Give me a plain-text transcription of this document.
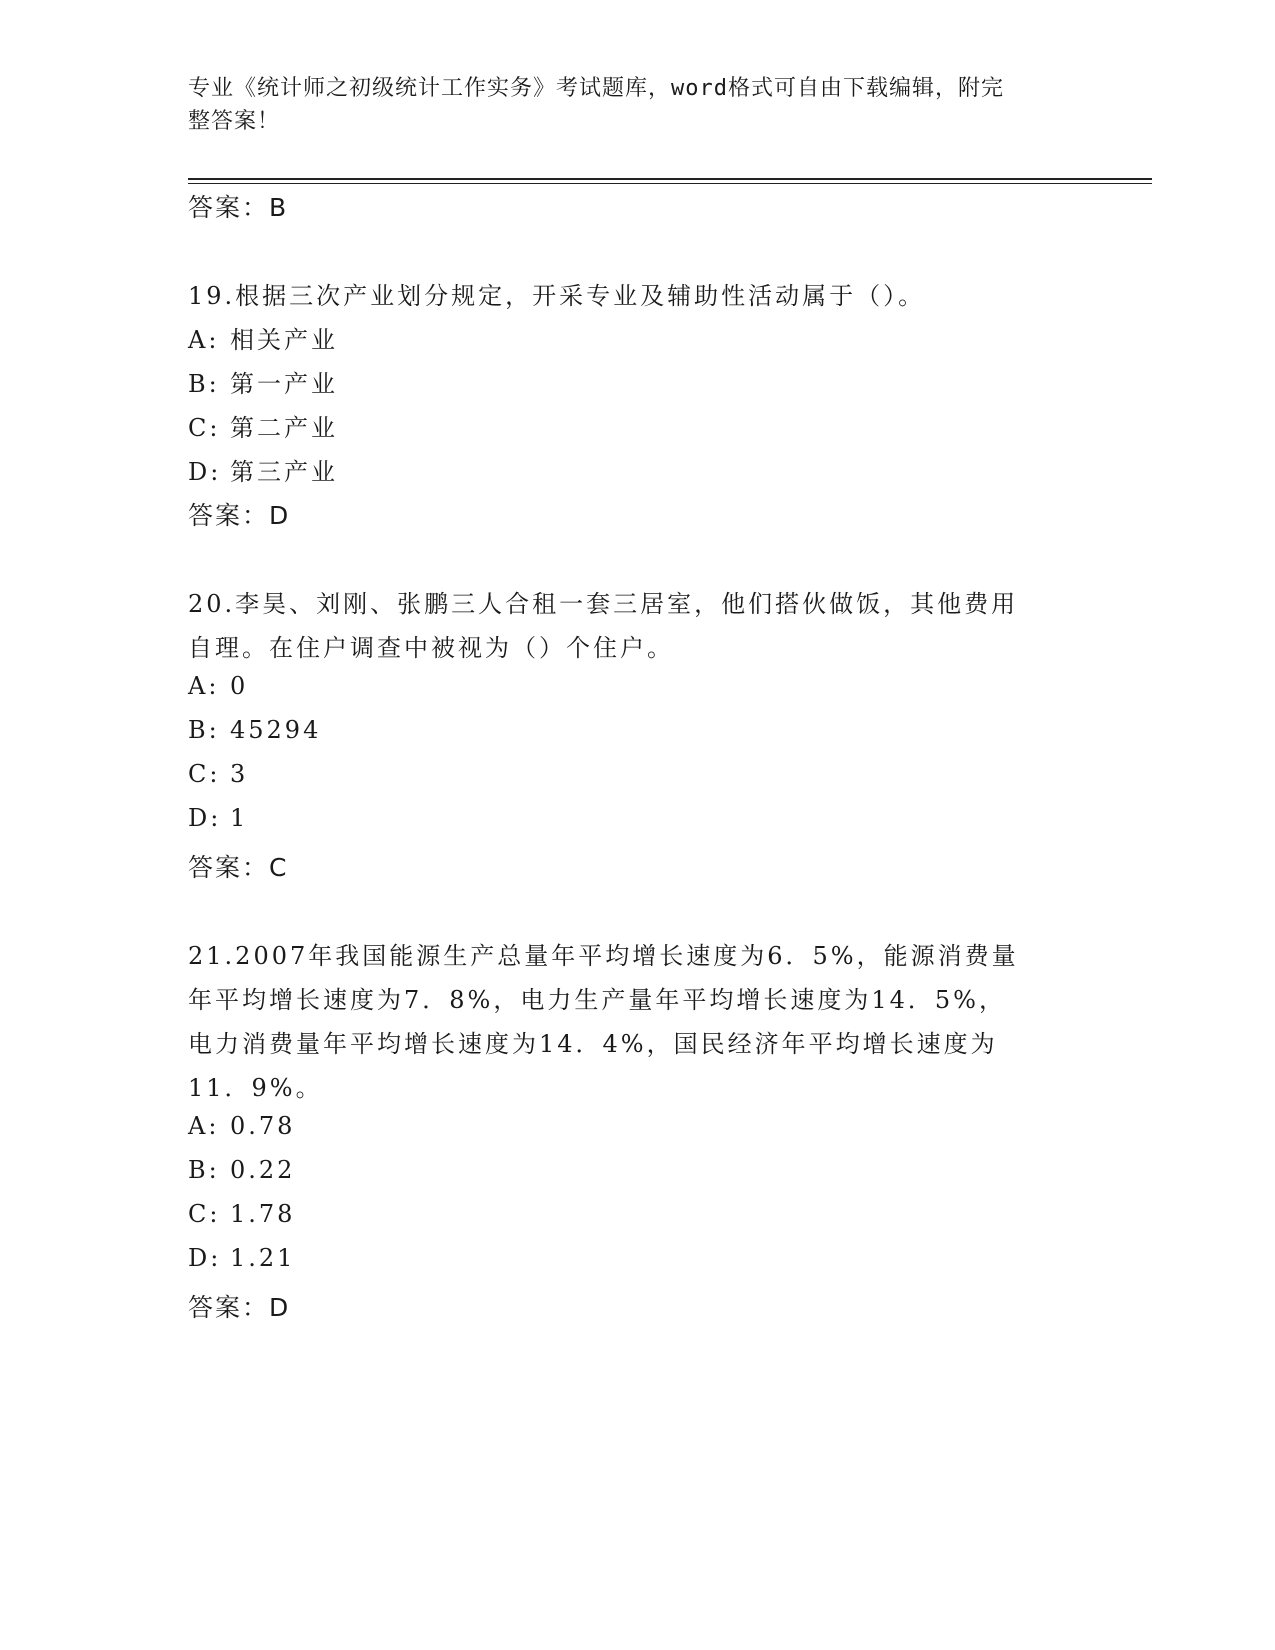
专业《统计师之初级统计工作实务》考试题库，word格式可自由下载编辑，附完
整答案！
答案：B
19.根据三次产业划分规定，开采专业及辅助性活动属于（）。
A: 相关产业
B: 第一产业
C: 第二产业
D: 第三产业
答案：D
20.李昊、刘刚、张鹏三人合租一套三居室，他们搭伙做饭，其他费用
自理。在住户调查中被视为（）个住户。
A: 0
B: 45294
C: 3
D: 1
答案：C
21.2007年我国能源生产总量年平均增长速度为6．5%，能源消费量
年平均增长速度为7．8%，电力生产量年平均增长速度为14．5%，
电力消费量年平均增长速度为14．4%，国民经济年平均增长速度为
11．9%。
A: 0.78
B: 0.22
C: 1.78
D: 1.21
答案：D
